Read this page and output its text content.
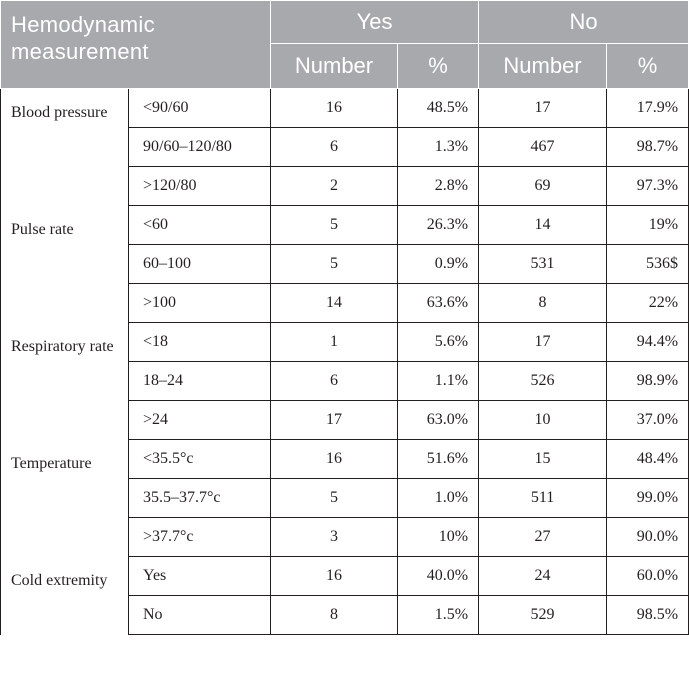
Hemodynamic measurement		Yes		No	
		Number	%	Number	%
Blood pressure	<90/60	16	48.5%	17	17.9%
	90/60–120/80	6	1.3%	467	98.7%
	>120/80	2	2.8%	69	97.3%
Pulse rate	<60	5	26.3%	14	19%
	60–100	5	0.9%	531	536$
	>100	14	63.6%	8	22%
Respiratory rate	<18	1	5.6%	17	94.4%
	18–24	6	1.1%	526	98.9%
	>24	17	63.0%	10	37.0%
Temperature	<35.5°c	16	51.6%	15	48.4%
	35.5–37.7°c	5	1.0%	511	99.0%
	>37.7°c	3	10%	27	90.0%
Cold extremity	Yes	16	40.0%	24	60.0%
	No	8	1.5%	529	98.5%
